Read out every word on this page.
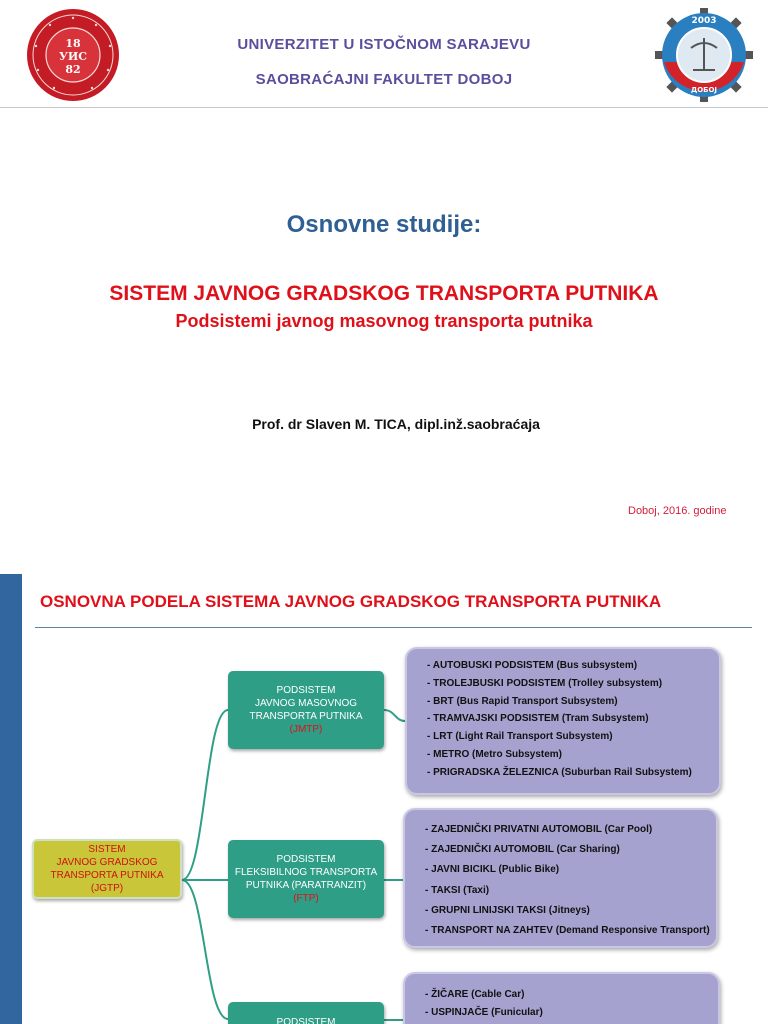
18
УИС
82
UNIVERZITET U ISTOČNOM SARAJEVU
SAOBRAĆAJNI FAKULTET DOBOJ
2003
ДОБОЈ
Osnovne studije:
SISTEM JAVNOG GRADSKOG TRANSPORTA PUTNIKA
Podsistemi javnog masovnog transporta putnika
Prof. dr Slaven M. TICA, dipl.inž.saobraćaja
Doboj, 2016. godine
OSNOVNA PODELA SISTEMA JAVNOG GRADSKOG TRANSPORTA PUTNIKA
SISTEM
JAVNOG GRADSKOG
TRANSPORTA PUTNIKA
(JGTP)
PODSISTEM
JAVNOG MASOVNOG
TRANSPORTA PUTNIKA
(JMTP)
PODSISTEM
FLEKSIBILNOG TRANSPORTA
PUTNIKA (PARATRANZIT)
(FTP)
PODSISTEM
- AUTOBUSKI PODSISTEM (Bus subsystem)
- TROLEJBUSKI PODSISTEM (Trolley subsystem)
- BRT (Bus Rapid Transport Subsystem)
- TRAMVAJSKI PODSISTEM (Tram Subsystem)
- LRT (Light Rail Transport Subsystem)
- METRO (Metro Subsystem)
- PRIGRADSKA ŽELEZNICA (Suburban Rail Subsystem)
- ZAJEDNIČKI PRIVATNI AUTOMOBIL (Car Pool)
- ZAJEDNIČKI AUTOMOBIL (Car Sharing)
- JAVNI BICIKL (Public Bike)
- TAKSI (Taxi)
- GRUPNI LINIJSKI TAKSI (Jitneys)
- TRANSPORT NA ZAHTEV (Demand Responsive Transport)
- ŽIČARE (Cable Car)
- USPINJAČE (Funicular)
